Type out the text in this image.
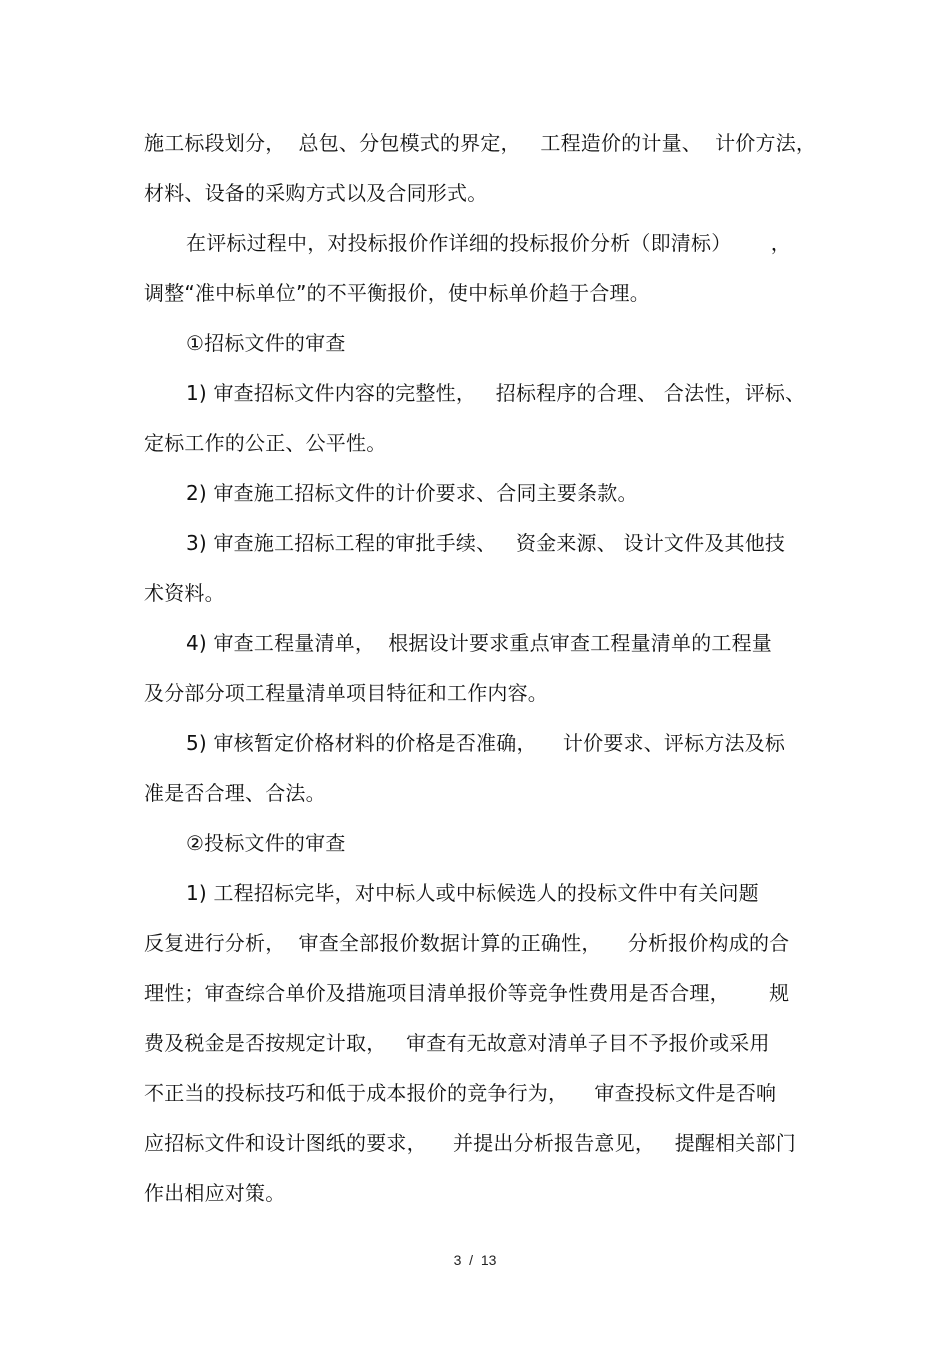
施工标段划分，  总包、分包模式的界定，   工程造价的计量、  计价方法，
材料、设备的采购方式以及合同形式。
在评标过程中，对投标报价作详细的投标报价分析（即清标）      ，
调整“准中标单位”的不平衡报价，使中标单价趋于合理。
①招标文件的审查
1) 审查招标文件内容的完整性，   招标程序的合理、 合法性，评标、
定标工作的公正、公平性。
2) 审查施工招标文件的计价要求、合同主要条款。
3) 审查施工招标工程的审批手续、   资金来源、 设计文件及其他技
术资料。
4) 审查工程量清单，  根据设计要求重点审查工程量清单的工程量
及分部分项工程量清单项目特征和工作内容。
5) 审核暂定价格材料的价格是否准确，    计价要求、评标方法及标
准是否合理、合法。
②投标文件的审查
1) 工程招标完毕，对中标人或中标候选人的投标文件中有关问题
反复进行分析，  审查全部报价数据计算的正确性，    分析报价构成的合
理性；审查综合单价及措施项目清单报价等竞争性费用是否合理，      规
费及税金是否按规定计取，   审查有无故意对清单子目不予报价或采用
不正当的投标技巧和低于成本报价的竞争行为，    审查投标文件是否响
应招标文件和设计图纸的要求，    并提出分析报告意见，   提醒相关部门
作出相应对策。
3  /  13
